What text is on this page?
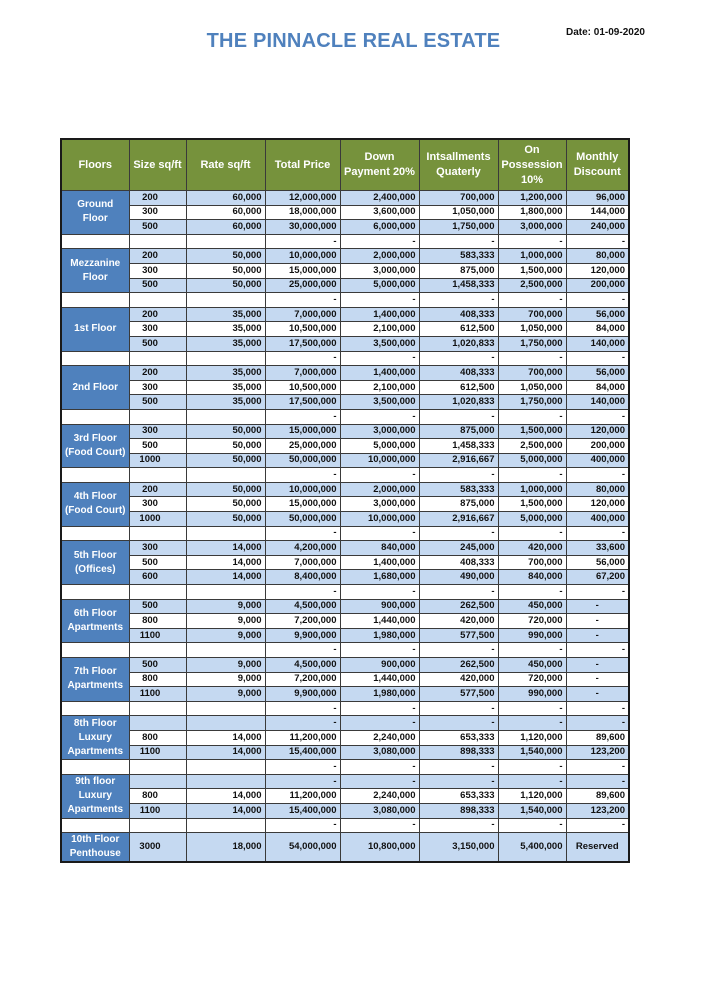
THE PINNACLE REAL ESTATE	Date: 01-09-2020
Floors	Size sq/ft	Rate sq/ft	Total Price	Down Payment 20%	Intsallments Quaterly	On Possession 10%	Monthly Discount
Ground Floor	200	60,000	12,000,000	2,400,000	700,000	1,200,000	96,000
	300	60,000	18,000,000	3,600,000	1,050,000	1,800,000	144,000
	500	60,000	30,000,000	6,000,000	1,750,000	3,000,000	240,000
			-	-	-	-	-
Mezzanine Floor	200	50,000	10,000,000	2,000,000	583,333	1,000,000	80,000
	300	50,000	15,000,000	3,000,000	875,000	1,500,000	120,000
	500	50,000	25,000,000	5,000,000	1,458,333	2,500,000	200,000
			-	-	-	-	-
1st Floor	200	35,000	7,000,000	1,400,000	408,333	700,000	56,000
	300	35,000	10,500,000	2,100,000	612,500	1,050,000	84,000
	500	35,000	17,500,000	3,500,000	1,020,833	1,750,000	140,000
			-	-	-	-	-
2nd Floor	200	35,000	7,000,000	1,400,000	408,333	700,000	56,000
	300	35,000	10,500,000	2,100,000	612,500	1,050,000	84,000
	500	35,000	17,500,000	3,500,000	1,020,833	1,750,000	140,000
			-	-	-	-	-
3rd Floor (Food Court)	300	50,000	15,000,000	3,000,000	875,000	1,500,000	120,000
	500	50,000	25,000,000	5,000,000	1,458,333	2,500,000	200,000
	1000	50,000	50,000,000	10,000,000	2,916,667	5,000,000	400,000
			-	-	-	-	-
4th Floor (Food Court)	200	50,000	10,000,000	2,000,000	583,333	1,000,000	80,000
	300	50,000	15,000,000	3,000,000	875,000	1,500,000	120,000
	1000	50,000	50,000,000	10,000,000	2,916,667	5,000,000	400,000
			-	-	-	-	-
5th Floor (Offices)	300	14,000	4,200,000	840,000	245,000	420,000	33,600
	500	14,000	7,000,000	1,400,000	408,333	700,000	56,000
	600	14,000	8,400,000	1,680,000	490,000	840,000	67,200
			-	-	-	-	-
6th Floor Apartments	500	9,000	4,500,000	900,000	262,500	450,000	-
	800	9,000	7,200,000	1,440,000	420,000	720,000	-
	1100	9,000	9,900,000	1,980,000	577,500	990,000	-
			-	-	-	-	-
7th Floor Apartments	500	9,000	4,500,000	900,000	262,500	450,000	-
	800	9,000	7,200,000	1,440,000	420,000	720,000	-
	1100	9,000	9,900,000	1,980,000	577,500	990,000	-
			-	-	-	-	-
8th Floor Luxury Apartments			-	-	-	-	-
	800	14,000	11,200,000	2,240,000	653,333	1,120,000	89,600
	1100	14,000	15,400,000	3,080,000	898,333	1,540,000	123,200
			-	-	-	-	-
9th floor Luxury Apartments			-	-	-	-	-
	800	14,000	11,200,000	2,240,000	653,333	1,120,000	89,600
	1100	14,000	15,400,000	3,080,000	898,333	1,540,000	123,200
			-	-	-	-	-
10th Floor Penthouse	3000	18,000	54,000,000	10,800,000	3,150,000	5,400,000	Reserved
